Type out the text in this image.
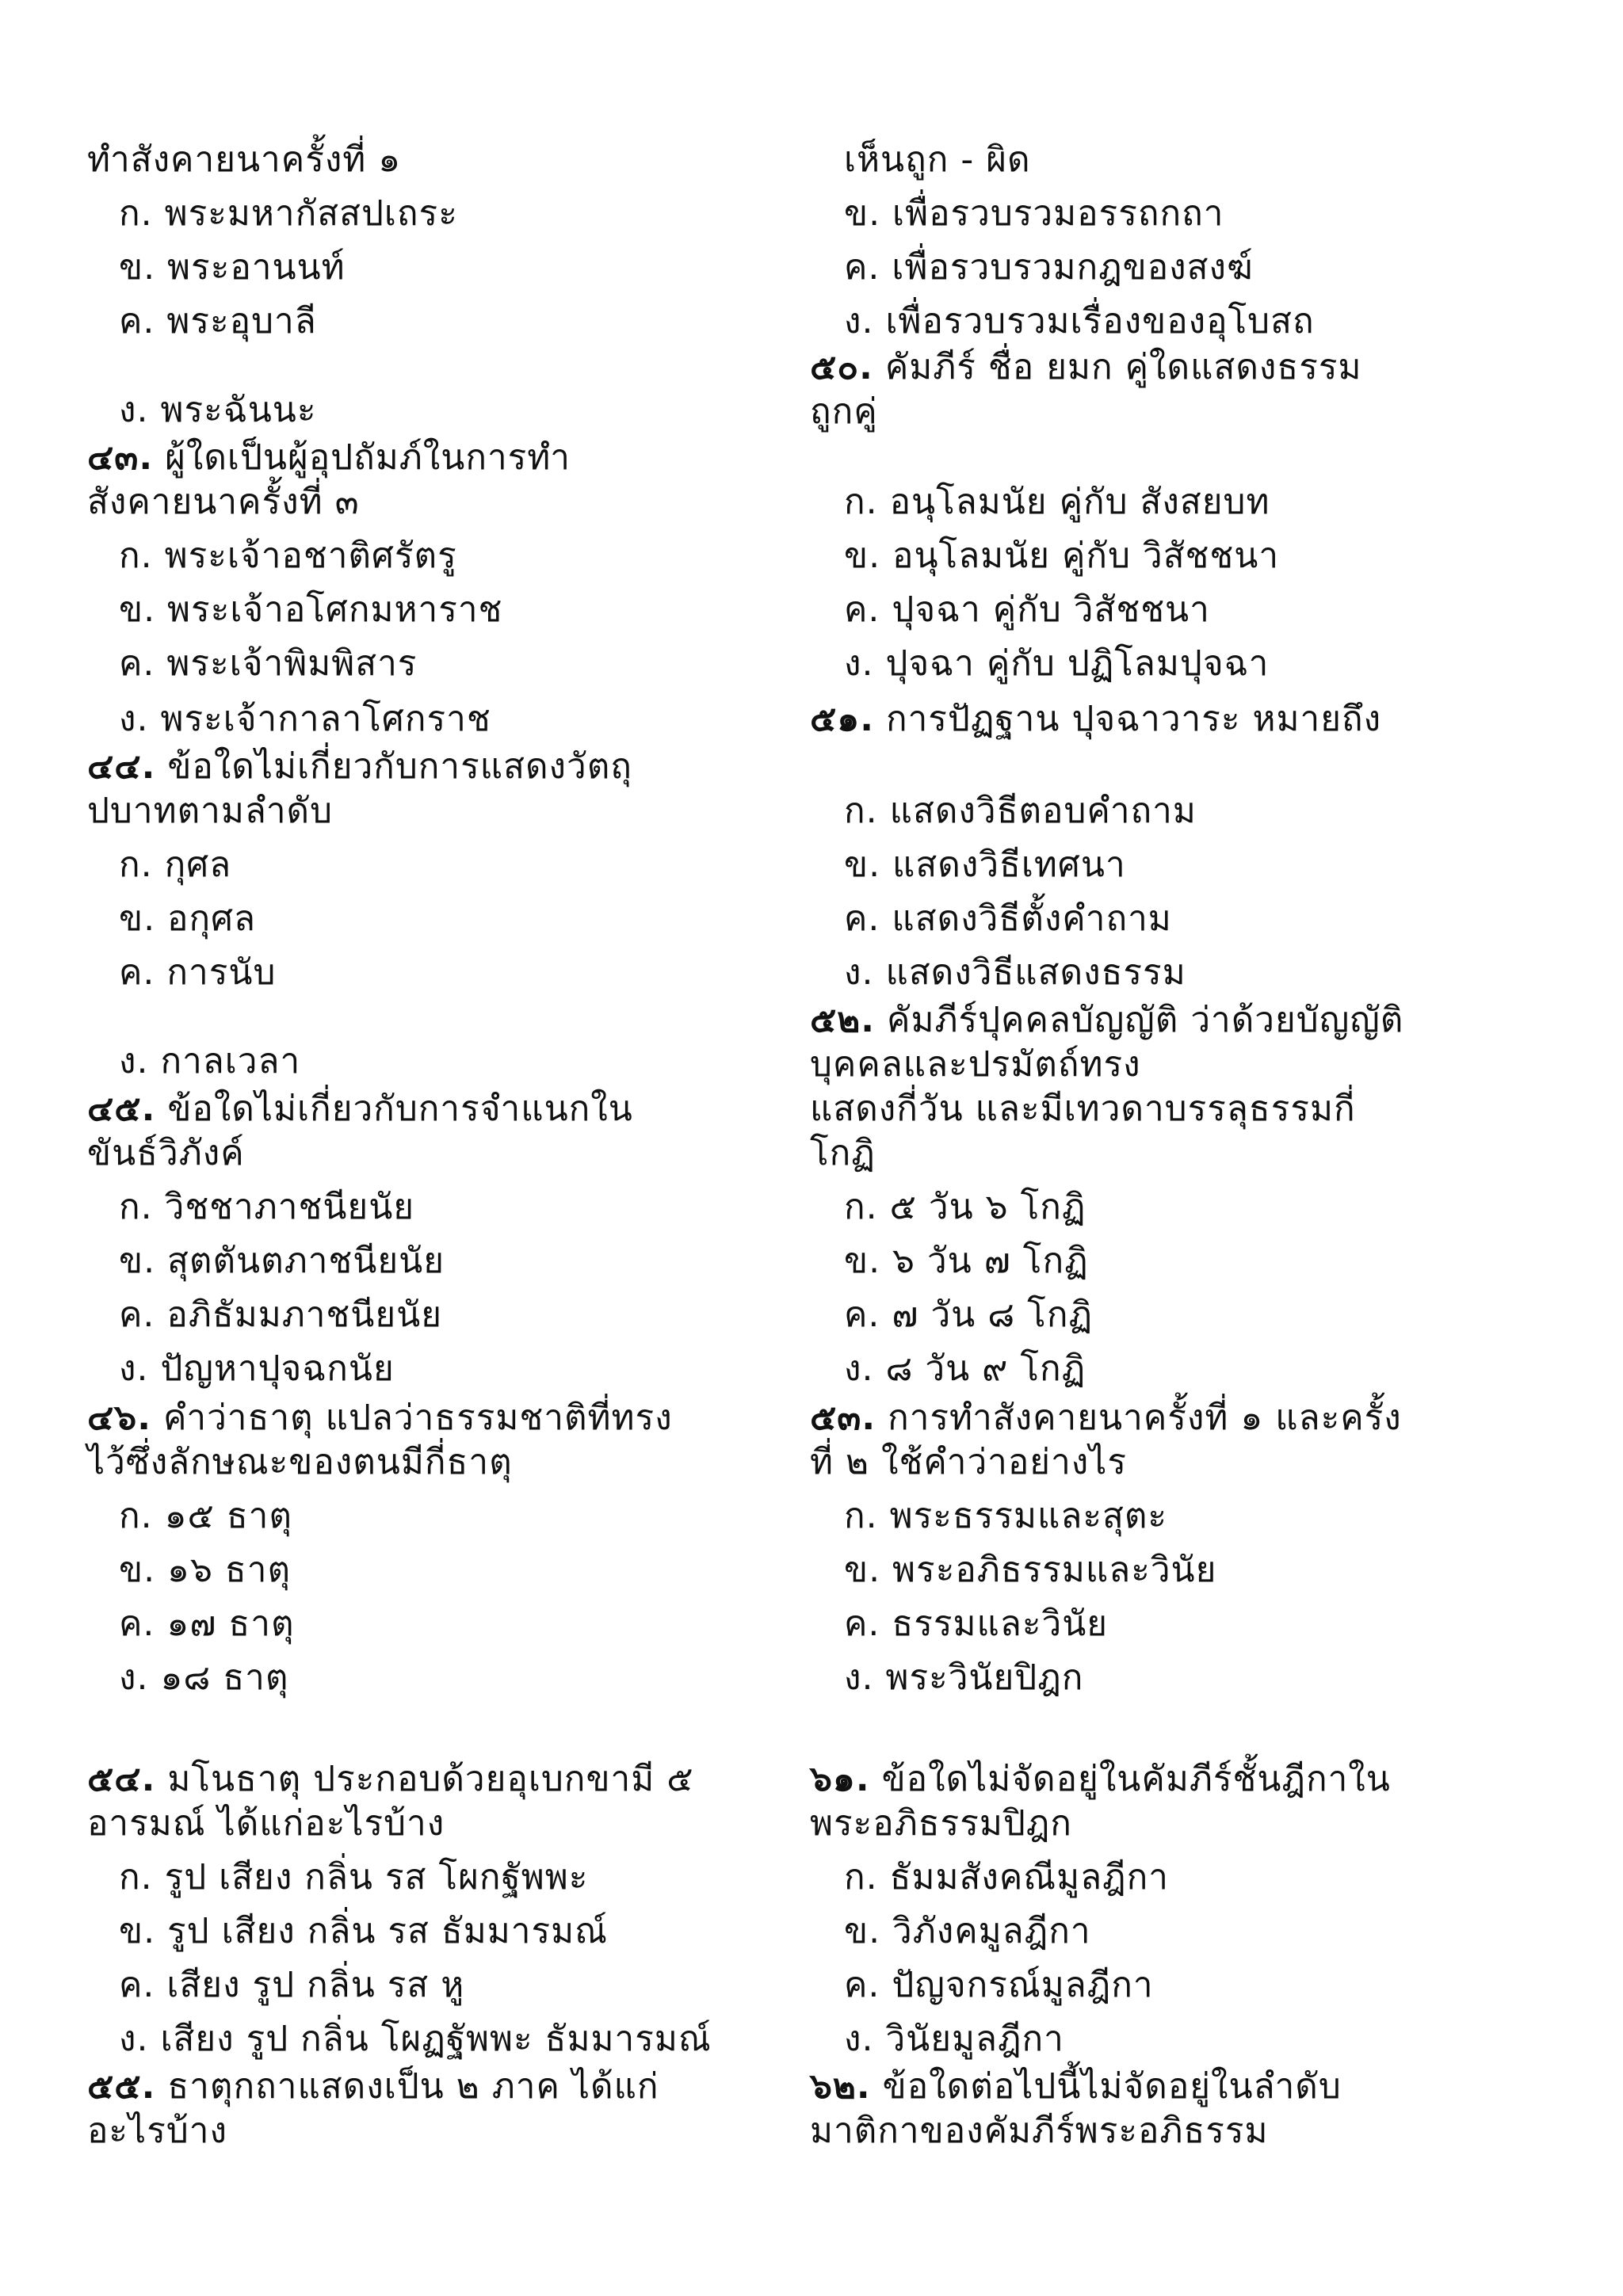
ทำสังคายนาครั้งที่ ๑
ก. พระมหากัสสปเถระ
ข. พระอานนท์
ค. พระอุบาลี
ง. พระฉันนะ
๔๓. ผู้ใดเป็นผู้อุปถัมภ์ในการทำ
สังคายนาครั้งที่ ๓
ก. พระเจ้าอชาติศรัตรู
ข. พระเจ้าอโศกมหาราช
ค. พระเจ้าพิมพิสาร
ง. พระเจ้ากาลาโศกราช
๔๔. ข้อใดไม่เกี่ยวกับการแสดงวัตถุ
ปบาทตามลำดับ
ก. กุศล
ข. อกุศล
ค. การนับ
ง. กาลเวลา
๔๕. ข้อใดไม่เกี่ยวกับการจำแนกใน
ขันธ์วิภังค์
ก. วิชชาภาชนียนัย
ข. สุตตันตภาชนียนัย
ค. อภิธัมมภาชนียนัย
ง. ปัญหาปุจฉกนัย
๔๖. คำว่าธาตุ แปลว่าธรรมชาติที่ทรง
ไว้ซึ่งลักษณะของตนมีกี่ธาตุ
ก. ๑๕ ธาตุ
ข. ๑๖ ธาตุ
ค. ๑๗ ธาตุ
ง. ๑๘ ธาตุ
๕๔. มโนธาตุ ประกอบด้วยอุเบกขามี ๕
อารมณ์ ได้แก่อะไรบ้าง
ก. รูป เสียง กลิ่น รส โผกฐัพพะ
ข. รูป เสียง กลิ่น รส ธัมมารมณ์
ค. เสียง รูป กลิ่น รส หู
ง. เสียง รูป กลิ่น โผฏฐัพพะ ธัมมารมณ์
๕๕. ธาตุกถาแสดงเป็น ๒ ภาค ได้แก่
อะไรบ้าง
เห็นถูก - ผิด
ข. เพื่อรวบรวมอรรถกถา
ค. เพื่อรวบรวมกฎของสงฆ์
ง. เพื่อรวบรวมเรื่องของอุโบสถ
๕๐. คัมภีร์ ชื่อ ยมก คู่ใดแสดงธรรม
ถูกคู่
ก. อนุโลมนัย คู่กับ สังสยบท
ข. อนุโลมนัย คู่กับ วิสัชชนา
ค. ปุจฉา คู่กับ วิสัชชนา
ง. ปุจฉา คู่กับ ปฏิโลมปุจฉา
๕๑. การปัฏฐาน ปุจฉาวาระ หมายถึง
ก. แสดงวิธีตอบคำถาม
ข. แสดงวิธีเทศนา
ค. แสดงวิธีตั้งคำถาม
ง. แสดงวิธีแสดงธรรม
๕๒. คัมภีร์ปุคคลบัญญัติ ว่าด้วยบัญญัติ
บุคคลและปรมัตถ์ทรง
แสดงกี่วัน และมีเทวดาบรรลุธรรมกี่
โกฏิ
ก. ๕ วัน ๖ โกฏิ
ข. ๖ วัน ๗ โกฏิ
ค. ๗ วัน ๘ โกฏิ
ง. ๘ วัน ๙ โกฏิ
๕๓. การทำสังคายนาครั้งที่ ๑ และครั้ง
ที่ ๒ ใช้คำว่าอย่างไร
ก. พระธรรมและสุตะ
ข. พระอภิธรรมและวินัย
ค. ธรรมและวินัย
ง. พระวินัยปิฎก
๖๑. ข้อใดไม่จัดอยู่ในคัมภีร์ชั้นฎีกาใน
พระอภิธรรมปิฎก
ก. ธัมมสังคณีมูลฎีกา
ข. วิภังคมูลฎีกา
ค. ปัญจกรณ์มูลฎีกา
ง. วินัยมูลฎีกา
๖๒. ข้อใดต่อไปนี้ไม่จัดอยู่ในลำดับ
มาติกาของคัมภีร์พระอภิธรรม
